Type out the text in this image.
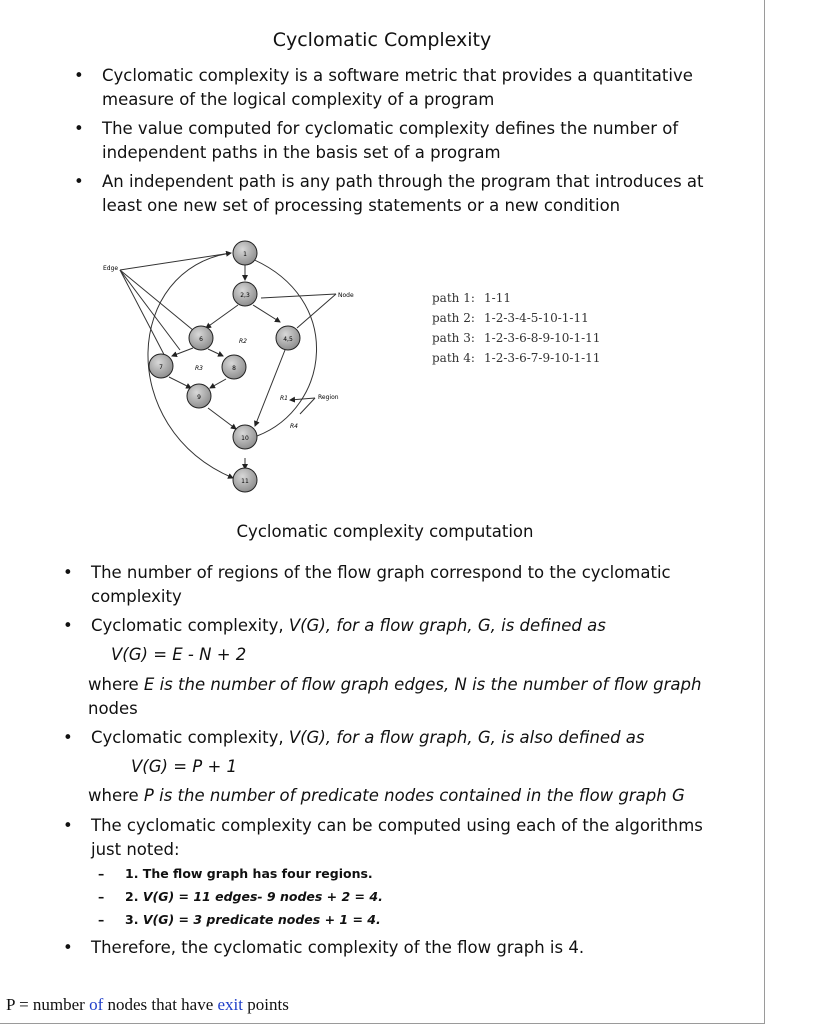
Cyclomatic Complexity
• Cyclomatic complexity is a software metric that provides a quantitative
measure of the logical complexity of a program
• The value computed for cyclomatic complexity defines the number of
independent paths in the basis set of a program
• An independent path is any path through the program that introduces at
least one new set of processing statements or a new condition
1
2,3
6	4,5
7	8
9
10
11
Edge
Node
Region
R2
R3
R1
R4
path 1: 1-11
path 2: 1-2-3-4-5-10-1-11
path 3: 1-2-3-6-8-9-10-1-11
path 4: 1-2-3-6-7-9-10-1-11
Cyclomatic complexity computation
• The number of regions of the flow graph correspond to the cyclomatic
complexity
• Cyclomatic complexity, V(G), for a flow graph, G, is defined as
V(G) = E - N + 2
where E is the number of flow graph edges, N is the number of flow graph
nodes
• Cyclomatic complexity, V(G), for a flow graph, G, is also defined as
V(G) = P + 1
where P is the number of predicate nodes contained in the flow graph G
• The cyclomatic complexity can be computed using each of the algorithms
just noted:
– 1. The flow graph has four regions.
– 2. V(G) = 11 edges- 9 nodes + 2 = 4.
– 3. V(G) = 3 predicate nodes + 1 = 4.
• Therefore, the cyclomatic complexity of the flow graph is 4.
P = number of nodes that have exit points
